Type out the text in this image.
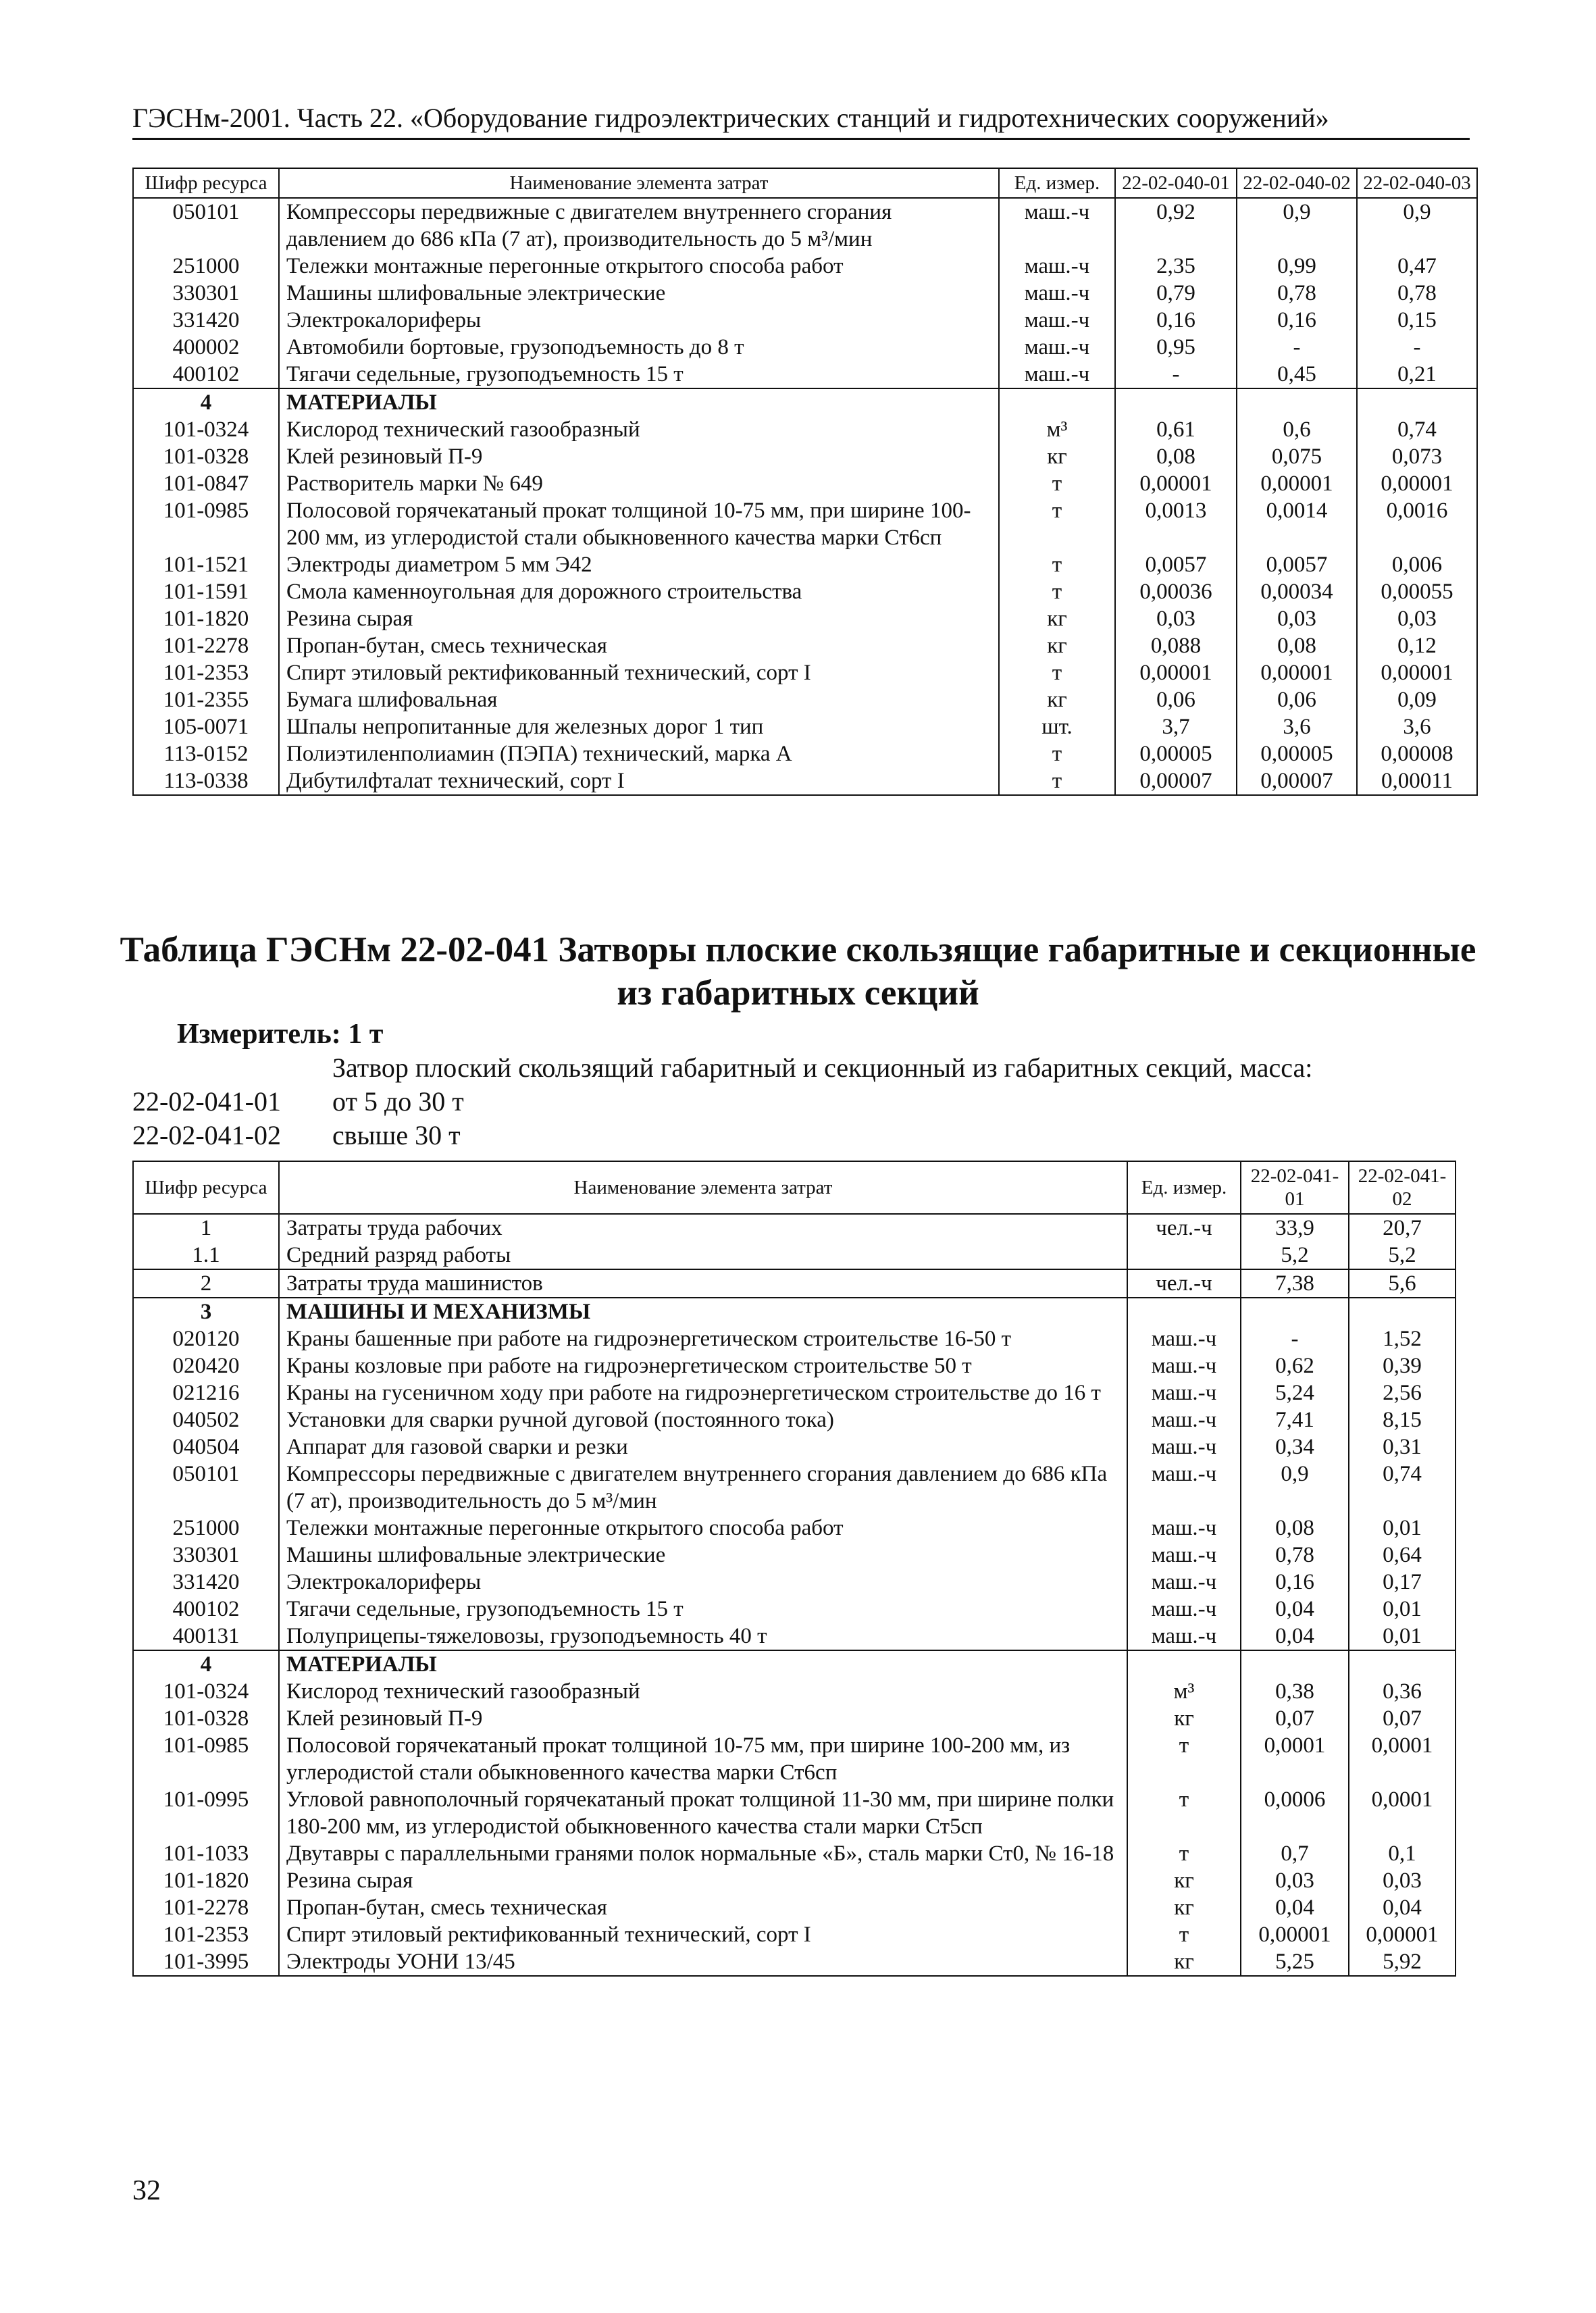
ГЭСНм-2001. Часть 22. «Оборудование гидроэлектрических станций и гидротехнических сооружений»
Шифр ресурса	Наименование элемента затрат	Ед. измер.	22-02-040-01	22-02-040-02	22-02-040-03
050101	Компрессоры передвижные с двигателем внутреннего сгорания давлением до 686 кПа (7 ат), производительность до 5 м³/мин	маш.-ч	0,92	0,9	0,9
251000	Тележки монтажные перегонные открытого способа работ	маш.-ч	2,35	0,99	0,47
330301	Машины шлифовальные электрические	маш.-ч	0,79	0,78	0,78
331420	Электрокалориферы	маш.-ч	0,16	0,16	0,15
400002	Автомобили бортовые, грузоподъемность до 8 т	маш.-ч	0,95	-	-
400102	Тягачи седельные, грузоподъемность 15 т	маш.-ч	-	0,45	0,21
4	МАТЕРИАЛЫ				
101-0324	Кислород технический газообразный	м³	0,61	0,6	0,74
101-0328	Клей резиновый П-9	кг	0,08	0,075	0,073
101-0847	Растворитель марки № 649	т	0,00001	0,00001	0,00001
101-0985	Полосовой горячекатаный прокат толщиной 10-75 мм, при ширине 100-200 мм, из углеродистой стали обыкновенного качества марки Ст6сп	т	0,0013	0,0014	0,0016
101-1521	Электроды диаметром 5 мм Э42	т	0,0057	0,0057	0,006
101-1591	Смола каменноугольная для дорожного строительства	т	0,00036	0,00034	0,00055
101-1820	Резина сырая	кг	0,03	0,03	0,03
101-2278	Пропан-бутан, смесь техническая	кг	0,088	0,08	0,12
101-2353	Спирт этиловый ректификованный технический, сорт I	т	0,00001	0,00001	0,00001
101-2355	Бумага шлифовальная	кг	0,06	0,06	0,09
105-0071	Шпалы непропитанные для железных дорог 1 тип	шт.	3,7	3,6	3,6
113-0152	Полиэтиленполиамин (ПЭПА) технический, марка А	т	0,00005	0,00005	0,00008
113-0338	Дибутилфталат технический, сорт I	т	0,00007	0,00007	0,00011
Таблица ГЭСНм 22-02-041 Затворы плоские скользящие габаритные и секционные из габаритных секций
Измеритель: 1 т
Затвор плоский скользящий габаритный и секционный из габаритных секций, масса:
22-02-041-01 от 5 до 30 т
22-02-041-02 свыше 30 т
Шифр ресурса	Наименование элемента затрат	Ед. измер.	22-02-041-01	22-02-041-02
1	Затраты труда рабочих	чел.-ч	33,9	20,7
1.1	Средний разряд работы		5,2	5,2
2	Затраты труда машинистов	чел.-ч	7,38	5,6
3	МАШИНЫ И МЕХАНИЗМЫ			
020120	Краны башенные при работе на гидроэнергетическом строительстве 16-50 т	маш.-ч	-	1,52
020420	Краны козловые при работе на гидроэнергетическом строительстве 50 т	маш.-ч	0,62	0,39
021216	Краны на гусеничном ходу при работе на гидроэнергетическом строительстве до 16 т	маш.-ч	5,24	2,56
040502	Установки для сварки ручной дуговой (постоянного тока)	маш.-ч	7,41	8,15
040504	Аппарат для газовой сварки и резки	маш.-ч	0,34	0,31
050101	Компрессоры передвижные с двигателем внутреннего сгорания давлением до 686 кПа (7 ат), производительность до 5 м³/мин	маш.-ч	0,9	0,74
251000	Тележки монтажные перегонные открытого способа работ	маш.-ч	0,08	0,01
330301	Машины шлифовальные электрические	маш.-ч	0,78	0,64
331420	Электрокалориферы	маш.-ч	0,16	0,17
400102	Тягачи седельные, грузоподъемность 15 т	маш.-ч	0,04	0,01
400131	Полуприцепы-тяжеловозы, грузоподъемность 40 т	маш.-ч	0,04	0,01
4	МАТЕРИАЛЫ			
101-0324	Кислород технический газообразный	м³	0,38	0,36
101-0328	Клей резиновый П-9	кг	0,07	0,07
101-0985	Полосовой горячекатаный прокат толщиной 10-75 мм, при ширине 100-200 мм, из углеродистой стали обыкновенного качества марки Ст6сп	т	0,0001	0,0001
101-0995	Угловой равнополочный горячекатаный прокат толщиной 11-30 мм, при ширине полки 180-200 мм, из углеродистой обыкновенного качества стали марки Ст5сп	т	0,0006	0,0001
101-1033	Двутавры с параллельными гранями полок нормальные «Б», сталь марки Ст0, № 16-18	т	0,7	0,1
101-1820	Резина сырая	кг	0,03	0,03
101-2278	Пропан-бутан, смесь техническая	кг	0,04	0,04
101-2353	Спирт этиловый ректификованный технический, сорт I	т	0,00001	0,00001
101-3995	Электроды УОНИ 13/45	кг	5,25	5,92
32
